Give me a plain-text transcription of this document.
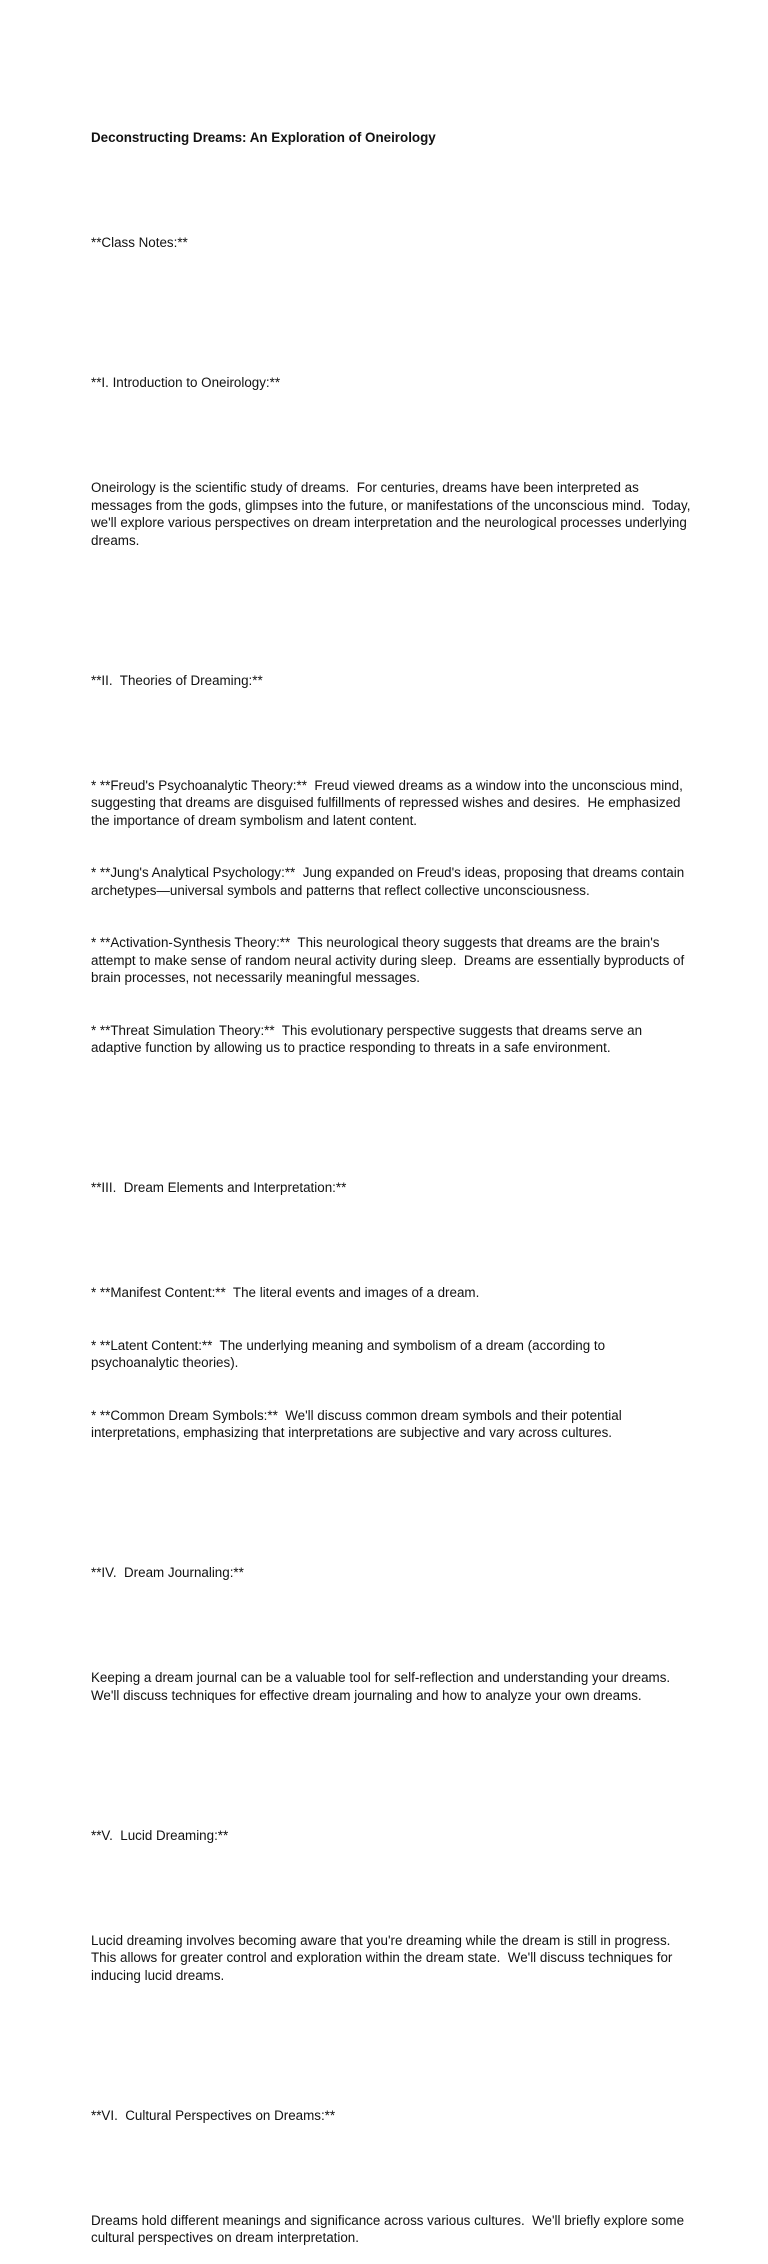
Deconstructing Dreams: An Exploration of Oneirology

**Class Notes:**

**I. Introduction to Oneirology:**

Oneirology is the scientific study of dreams.  For centuries, dreams have been interpreted as messages from the gods, glimpses into the future, or manifestations of the unconscious mind.  Today, we'll explore various perspectives on dream interpretation and the neurological processes underlying dreams.

**II.  Theories of Dreaming:**

* **Freud's Psychoanalytic Theory:**  Freud viewed dreams as a window into the unconscious mind, suggesting that dreams are disguised fulfillments of repressed wishes and desires.  He emphasized the importance of dream symbolism and latent content.

* **Jung's Analytical Psychology:**  Jung expanded on Freud's ideas, proposing that dreams contain archetypes—universal symbols and patterns that reflect collective unconsciousness.

* **Activation-Synthesis Theory:**  This neurological theory suggests that dreams are the brain's attempt to make sense of random neural activity during sleep.  Dreams are essentially byproducts of brain processes, not necessarily meaningful messages.

* **Threat Simulation Theory:**  This evolutionary perspective suggests that dreams serve an adaptive function by allowing us to practice responding to threats in a safe environment.

**III.  Dream Elements and Interpretation:**

* **Manifest Content:**  The literal events and images of a dream.

* **Latent Content:**  The underlying meaning and symbolism of a dream (according to psychoanalytic theories).

* **Common Dream Symbols:**  We'll discuss common dream symbols and their potential interpretations, emphasizing that interpretations are subjective and vary across cultures.

**IV.  Dream Journaling:**

Keeping a dream journal can be a valuable tool for self-reflection and understanding your dreams.  We'll discuss techniques for effective dream journaling and how to analyze your own dreams.

**V.  Lucid Dreaming:**

Lucid dreaming involves becoming aware that you're dreaming while the dream is still in progress.  This allows for greater control and exploration within the dream state.  We'll discuss techniques for inducing lucid dreams.

**VI.  Cultural Perspectives on Dreams:**

Dreams hold different meanings and significance across various cultures.  We'll briefly explore some cultural perspectives on dream interpretation.
